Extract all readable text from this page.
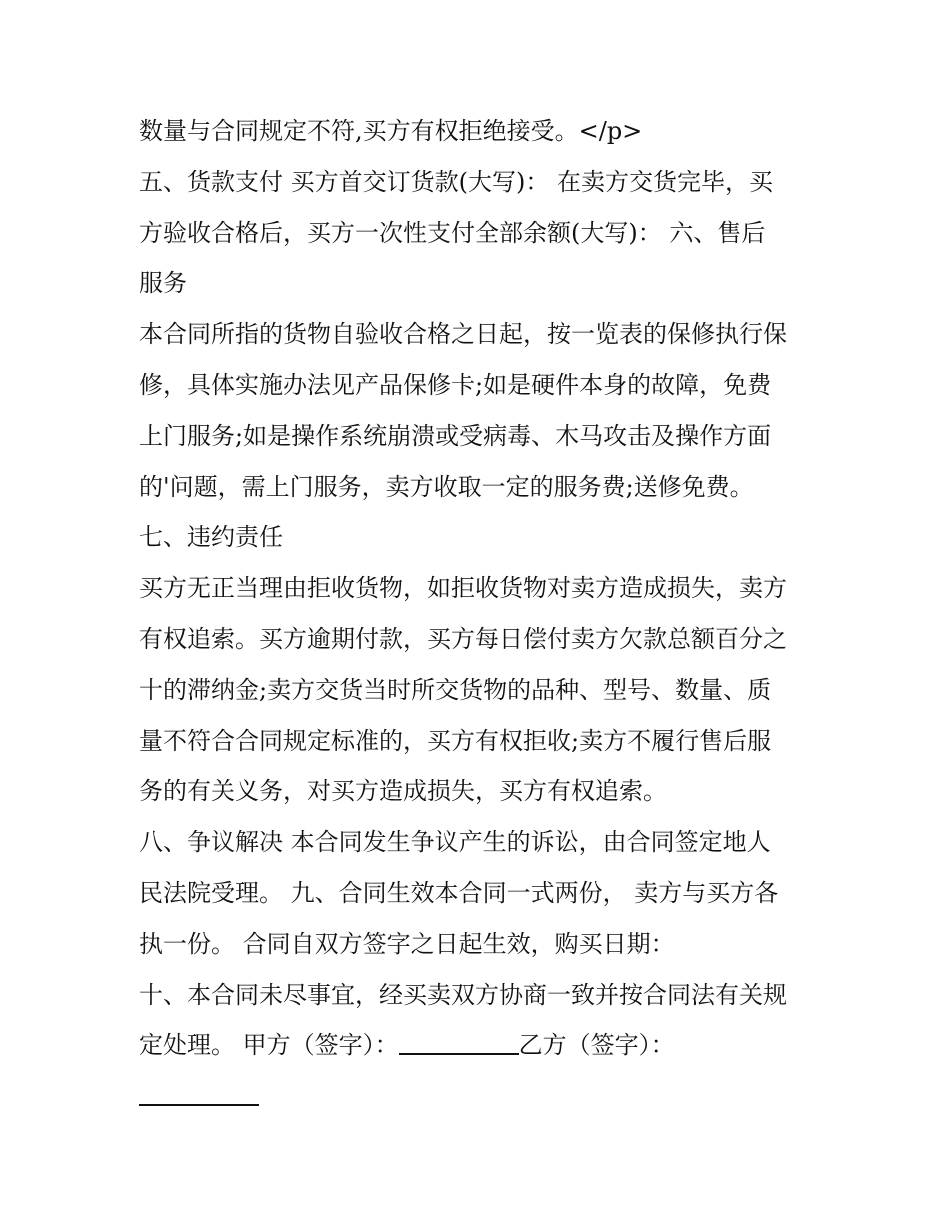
数量与合同规定不符,买方有权拒绝接受。</p>
五、货款支付 买方首交订货款(大写)： 在卖方交货完毕，买
方验收合格后，买方一次性支付全部余额(大写)： 六、售后
服务
本合同所指的货物自验收合格之日起，按一览表的保修执行保
修，具体实施办法见产品保修卡;如是硬件本身的故障，免费
上门服务;如是操作系统崩溃或受病毒、木马攻击及操作方面
的'问题，需上门服务，卖方收取一定的服务费;送修免费。
七、违约责任
买方无正当理由拒收货物，如拒收货物对卖方造成损失，卖方
有权追索。买方逾期付款，买方每日偿付卖方欠款总额百分之
十的滞纳金;卖方交货当时所交货物的品种、型号、数量、质
量不符合合同规定标准的，买方有权拒收;卖方不履行售后服
务的有关义务，对买方造成损失，买方有权追索。
八、争议解决 本合同发生争议产生的诉讼，由合同签定地人
民法院受理。 九、合同生效本合同一式两份， 卖方与买方各
执一份。 合同自双方签字之日起生效，购买日期：
十、本合同未尽事宜，经买卖双方协商一致并按合同法有关规
定处理。 甲方（签字）：	乙方（签字）：
